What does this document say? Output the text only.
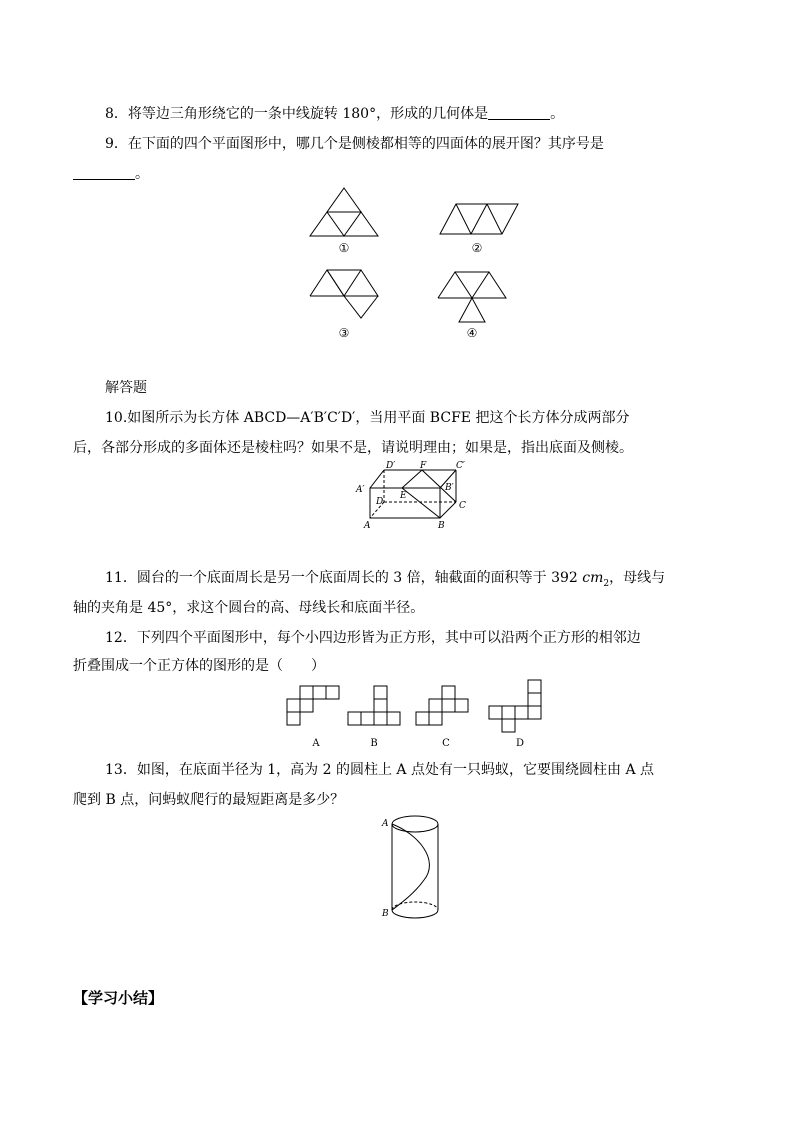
8．将等边三角形绕它的一条中线旋转 180°，形成的几何体是	。
9．在下面的四个平面图形中，哪几个是侧棱都相等的四面体的展开图？其序号是
。
①	②
③	④
解答题
10.如图所示为长方体 ABCD—A′B′C′D′，当用平面 BCFE 把这个长方体分成两部分
后，各部分形成的多面体还是棱柱吗？如果不是，请说明理由；如果是，指出底面及侧棱。
D′	F	C′
A′	B′
E
D	C
A	B
11．圆台的一个底面周长是另一个底面周长的 3 倍，轴截面的面积等于 392 $cm_2$，母线与
轴的夹角是 45°，求这个圆台的高、母线长和底面半径。
12．下列四个平面图形中，每个小四边形皆为正方形，其中可以沿两个正方形的相邻边
折叠围成一个正方体的图形的是（　　）
A	B	C	D
13．如图，在底面半径为 1，高为 2 的圆柱上 A 点处有一只蚂蚁，它要围绕圆柱由 A 点
爬到 B 点，问蚂蚁爬行的最短距离是多少？
A
B
【学习小结】
